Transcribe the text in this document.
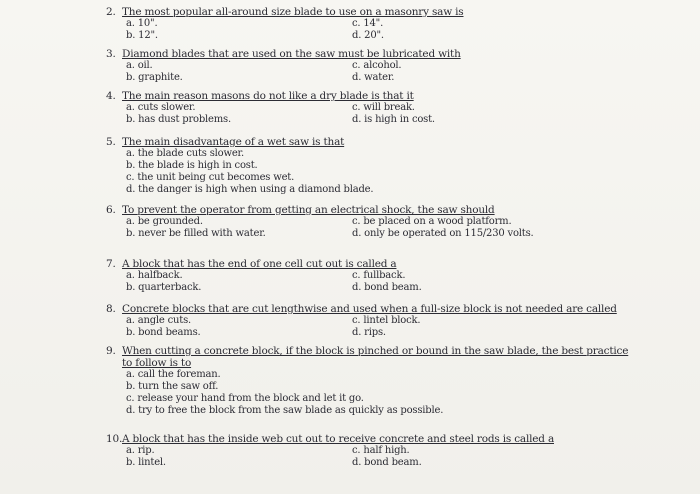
2. The most popular all-around size blade to use on a masonry saw is
a. 10".	c. 14".
b. 12".	d. 20".
3. Diamond blades that are used on the saw must be lubricated with
a. oil.	c. alcohol.
b. graphite.	d. water.
4. The main reason masons do not like a dry blade is that it
a. cuts slower.	c. will break.
b. has dust problems.	d. is high in cost.
5. The main disadvantage of a wet saw is that
a. the blade cuts slower.
b. the blade is high in cost.
c. the unit being cut becomes wet.
d. the danger is high when using a diamond blade.
6. To prevent the operator from getting an electrical shock, the saw should
a. be grounded.	c. be placed on a wood platform.
b. never be filled with water.	d. only be operated on 115/230 volts.
7. A block that has the end of one cell cut out is called a
a. halfback.	c. fullback.
b. quarterback.	d. bond beam.
8. Concrete blocks that are cut lengthwise and used when a full-size block is not needed are called
a. angle cuts.	c. lintel block.
b. bond beams.	d. rips.
9. When cutting a concrete block, if the block is pinched or bound in the saw blade, the best practice
to follow is to
a. call the foreman.
b. turn the saw off.
c. release your hand from the block and let it go.
d. try to free the block from the saw blade as quickly as possible.
10. A block that has the inside web cut out to receive concrete and steel rods is called a
a. rip.	c. half high.
b. lintel.	d. bond beam.
